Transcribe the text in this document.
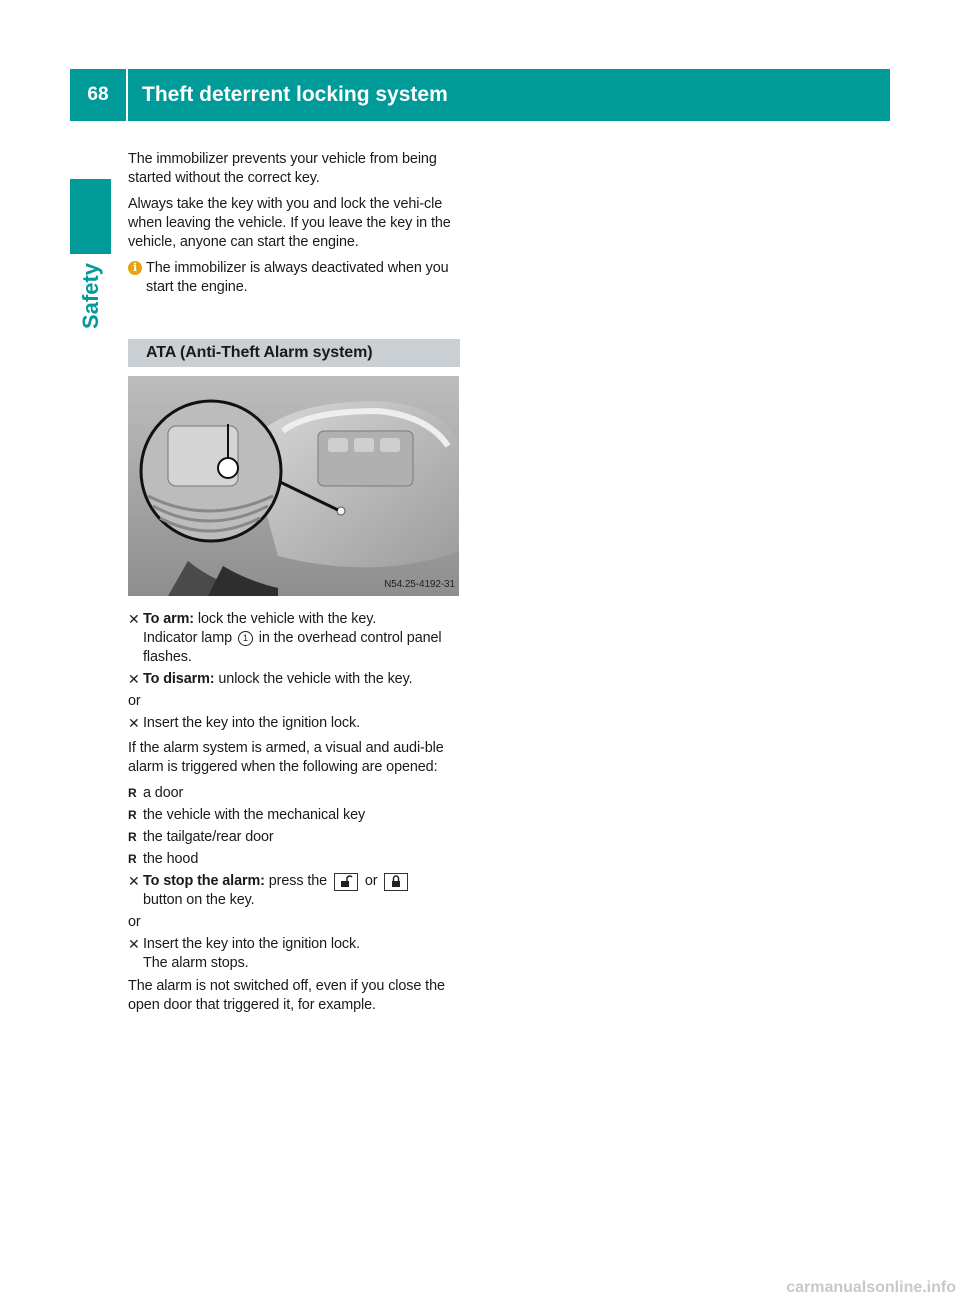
68	Theft deterrent locking system
Safety

The immobilizer prevents your vehicle from being started without the correct key.

Always take the key with you and lock the vehi-cle when leaving the vehicle. If you leave the key in the vehicle, anyone can start the engine.

i The immobilizer is always deactivated when you start the engine.
ATA (Anti-Theft Alarm system)
N54.25-4192-31
✕ To arm: lock the vehicle with the key.
Indicator lamp 1 in the overhead control panel flashes.
✕ To disarm: unlock the vehicle with the key.
or
✕ Insert the key into the ignition lock.

If the alarm system is armed, a visual and audi-ble alarm is triggered when the following are opened:

R a door
R the vehicle with the mechanical key
R the tailgate/rear door
R the hood
✕ To stop the alarm: press the	or
button on the key.
or
✕ Insert the key into the ignition lock.
The alarm stops.

The alarm is not switched off, even if you close the open door that triggered it, for example.

carmanualsonline.info
